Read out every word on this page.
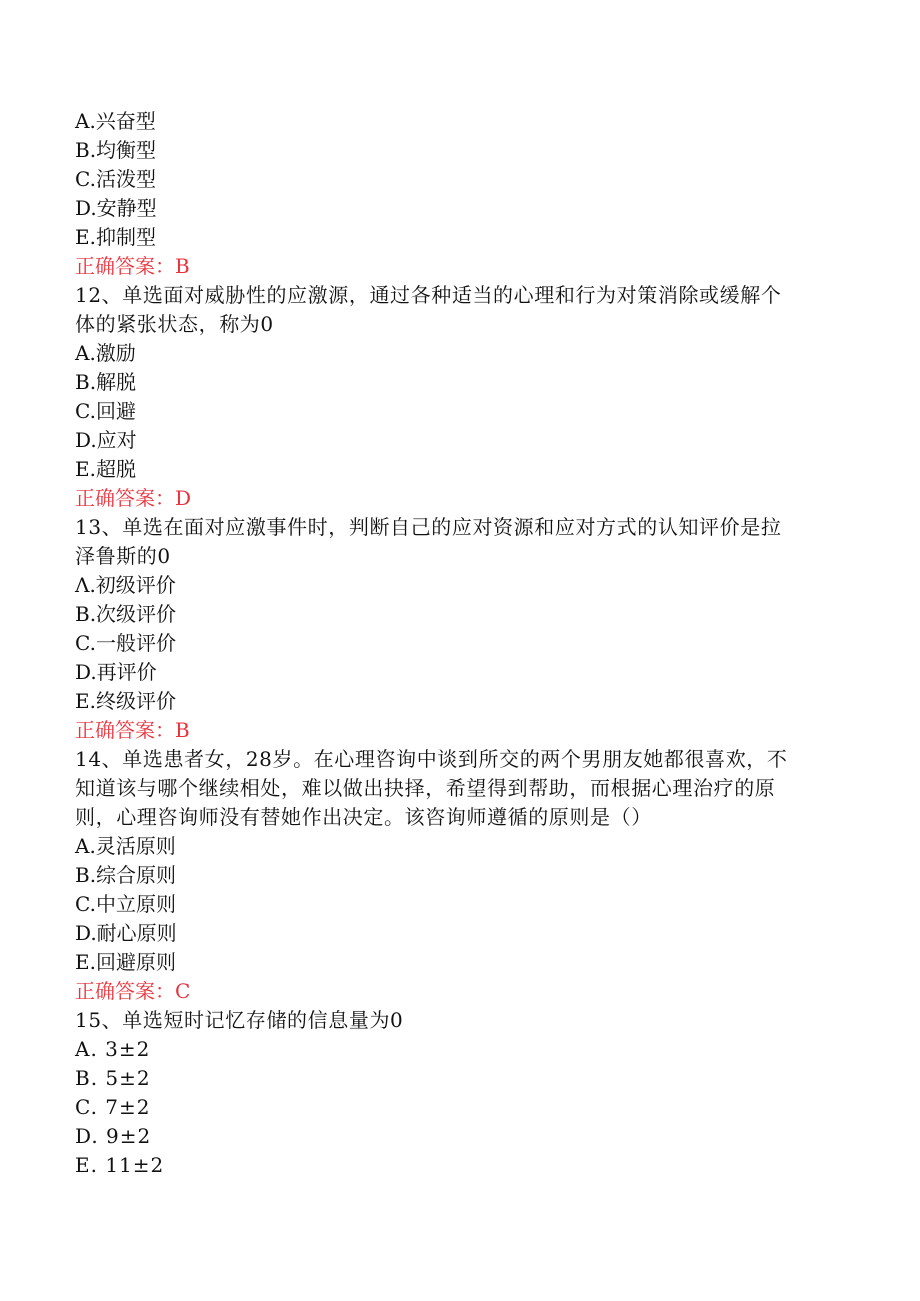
A.兴奋型

B.均衡型

C.活泼型

D.安静型

E.抑制型

正确答案：B

12、单选面对威胁性的应激源，通过各种适当的心理和行为对策消除或缓解个

体的紧张状态，称为0

A.激励

B.解脱

C.回避

D.应对

E.超脱

正确答案：D

13、单选在面对应激事件时，判断自己的应对资源和应对方式的认知评价是拉

泽鲁斯的0

Λ.初级评价

B.次级评价

C.一般评价

D.再评价

E.终级评价

正确答案：B

14、单选患者女，28岁。在心理咨询中谈到所交的两个男朋友她都很喜欢，不

知道该与哪个继续相处，难以做出抉择，希望得到帮助，而根据心理治疗的原

则，心理咨询师没有替她作出决定。该咨询师遵循的原则是（）

A.灵活原则

B.综合原则

C.中立原则

D.耐心原则

E.回避原则

正确答案：C

15、单选短时记忆存储的信息量为0

A. 3±2

B. 5±2

C. 7±2

D. 9±2

E. 11±2
